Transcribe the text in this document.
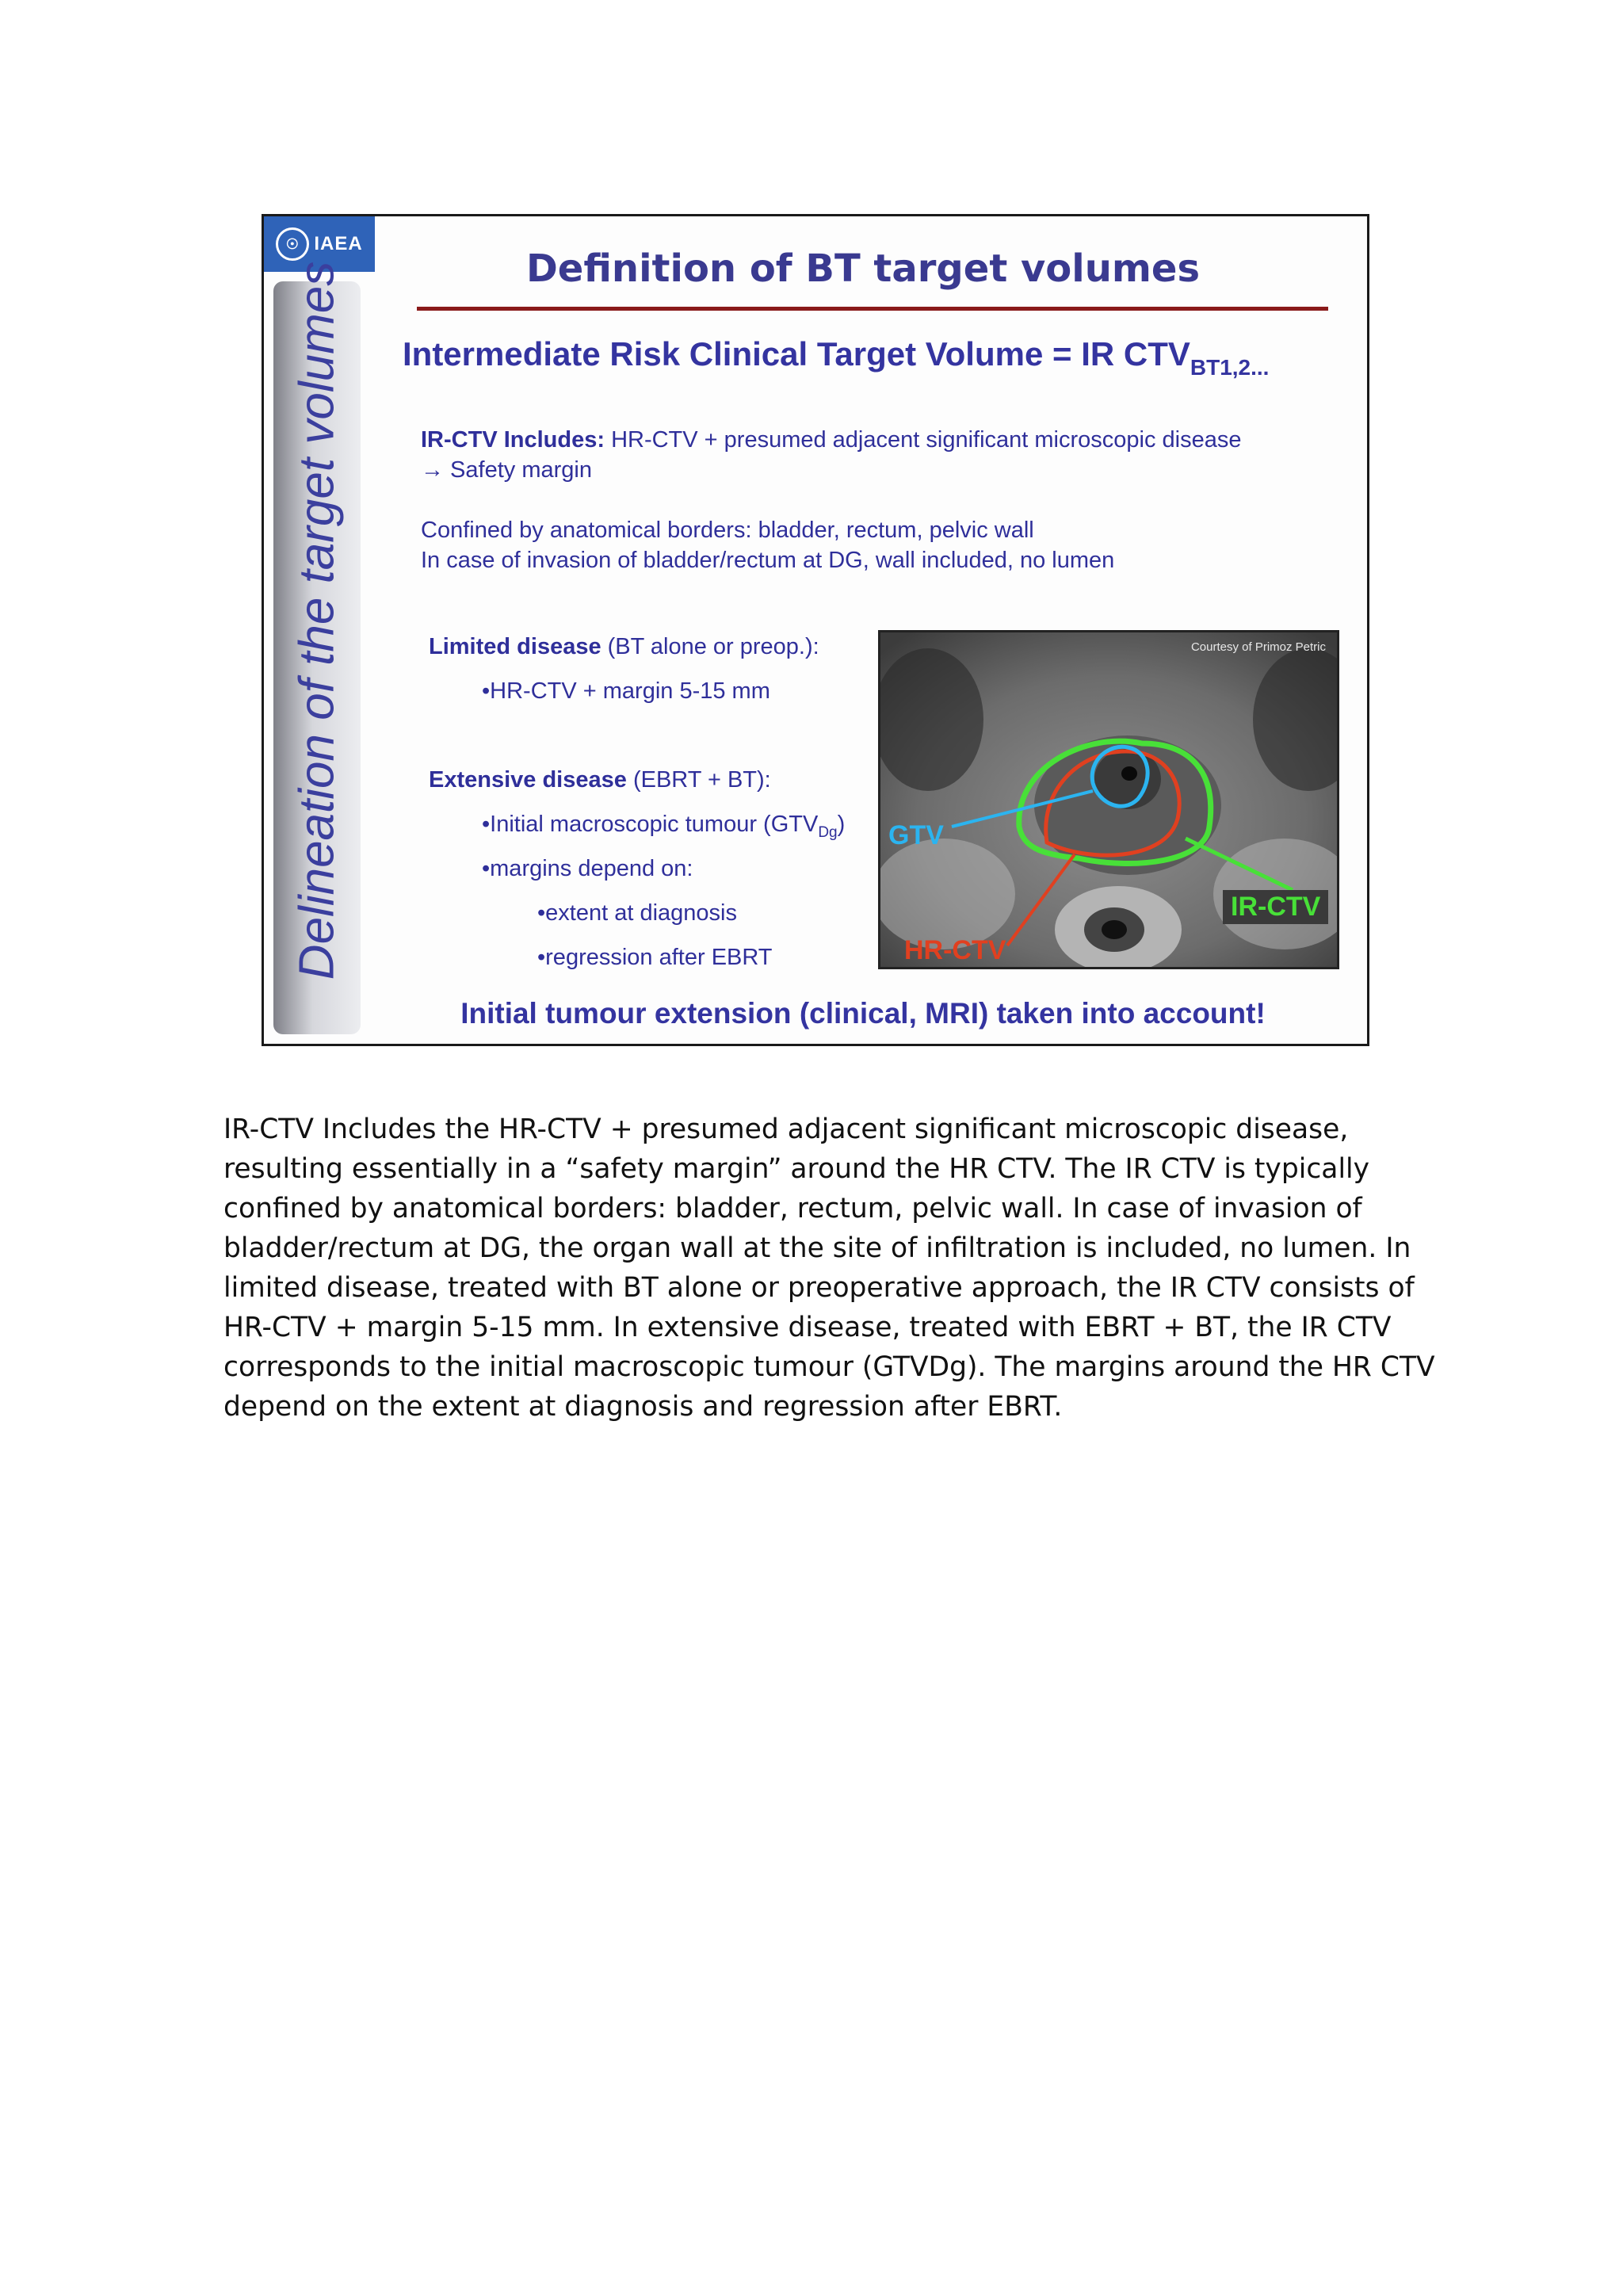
☉ IAEA
Delineation of the target volumes	Definition of BT target volumes
Intermediate Risk Clinical Target Volume = IR $CTV_{BT1,2...}$
IR-CTV Includes: HR-CTV + presumed adjacent significant microscopic disease
→ Safety margin
Confined by anatomical borders: bladder, rectum, pelvic wall
In case of invasion of bladder/rectum at DG, wall included, no lumen
Limited disease (BT alone or preop.):
•HR-CTV + margin 5-15 mm
Extensive disease (EBRT + BT):
•Initial macroscopic tumour $(GTV_{Dg})$
•margins depend on:
•extent at diagnosis
•regression after EBRT
Courtesy of Primoz Petric
GTV
IR-CTV
HR-CTV
Initial tumour extension (clinical, MRI) taken into account!
IR-CTV Includes the HR-CTV + presumed adjacent significant microscopic disease,
resulting essentially in a “safety margin” around the HR CTV. The IR CTV is typically
confined by anatomical borders: bladder, rectum, pelvic wall. In case of invasion of
bladder/rectum at DG, the organ wall at the site of infiltration is included, no lumen. In
limited disease, treated with BT alone or preoperative approach, the IR CTV consists of
HR-CTV + margin 5-15 mm. In extensive disease, treated with EBRT + BT, the IR CTV
corresponds to the initial macroscopic tumour (GTVDg). The margins around the HR CTV
depend on the extent at diagnosis and regression after EBRT.
